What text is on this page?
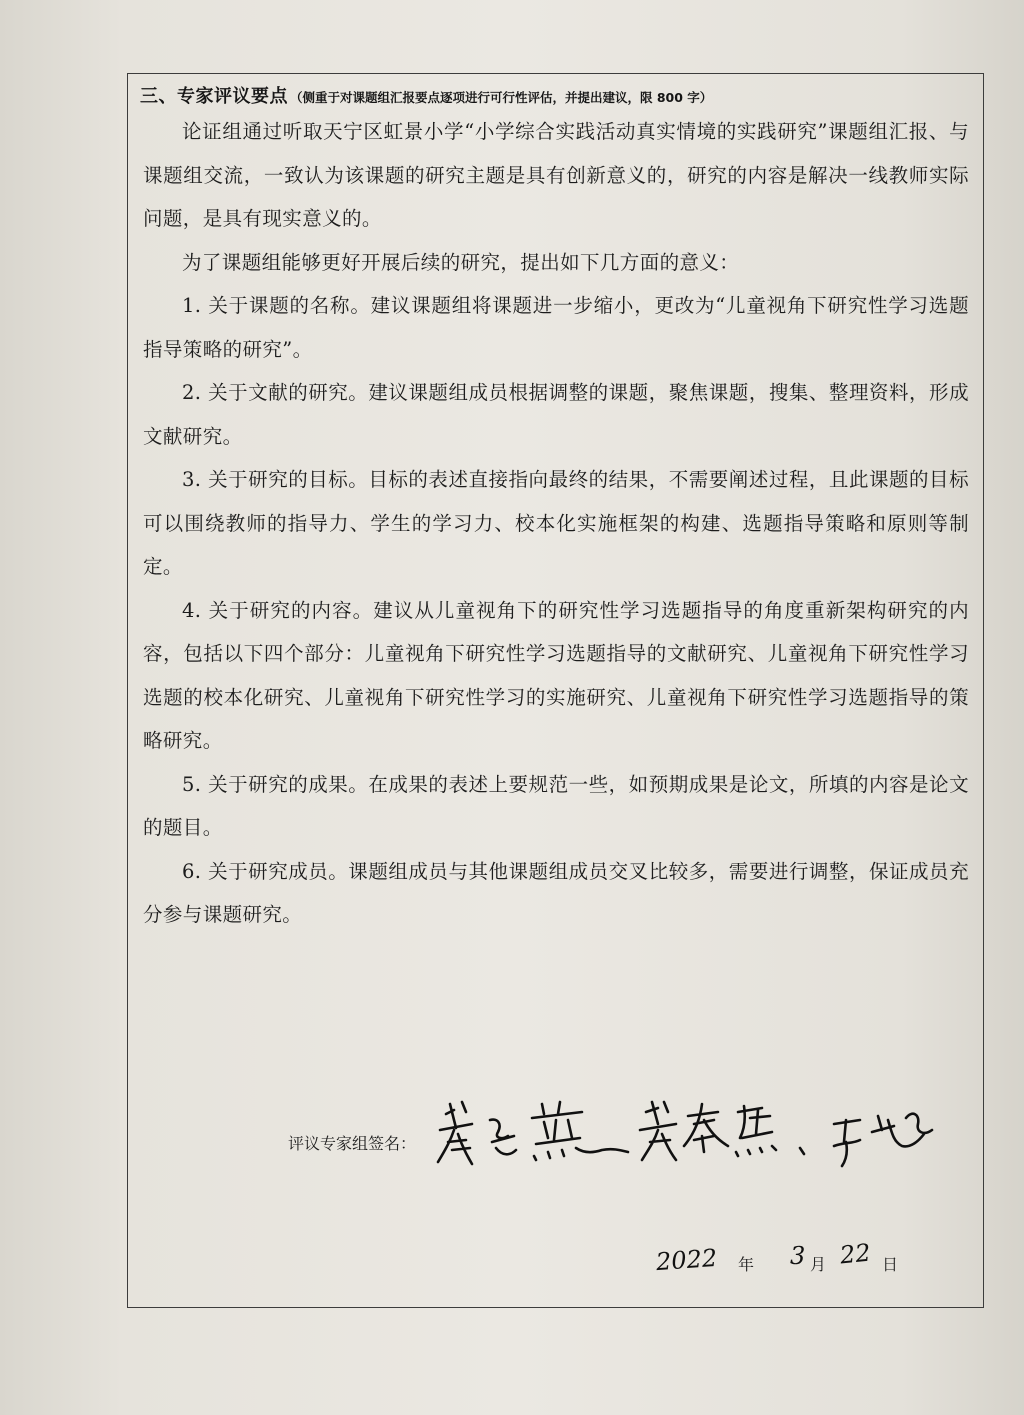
三、专家评议要点 （侧重于对课题组汇报要点逐项进行可行性评估，并提出建议，限 800 字）

论证组通过听取天宁区虹景小学“小学综合实践活动真实情境的实践研究”课题组汇报、与课题组交流，一致认为该课题的研究主题是具有创新意义的，研究的内容是解决一线教师实际问题，是具有现实意义的。

为了课题组能够更好开展后续的研究，提出如下几方面的意义：

1. 关于课题的名称。建议课题组将课题进一步缩小，更改为“儿童视角下研究性学习选题指导策略的研究”。

2. 关于文献的研究。建议课题组成员根据调整的课题，聚焦课题，搜集、整理资料，形成文献研究。

3. 关于研究的目标。目标的表述直接指向最终的结果，不需要阐述过程，且此课题的目标可以围绕教师的指导力、学生的学习力、校本化实施框架的构建、选题指导策略和原则等制定。

4. 关于研究的内容。建议从儿童视角下的研究性学习选题指导的角度重新架构研究的内容，包括以下四个部分：儿童视角下研究性学习选题指导的文献研究、儿童视角下研究性学习选题的校本化研究、儿童视角下研究性学习的实施研究、儿童视角下研究性学习选题指导的策略研究。

5. 关于研究的成果。在成果的表述上要规范一些，如预期成果是论文，所填的内容是论文的题目。

6. 关于研究成员。课题组成员与其他课题组成员交叉比较多，需要进行调整，保证成员充分参与课题研究。

评议专家组签名：
2022 年 3 月 22 日
